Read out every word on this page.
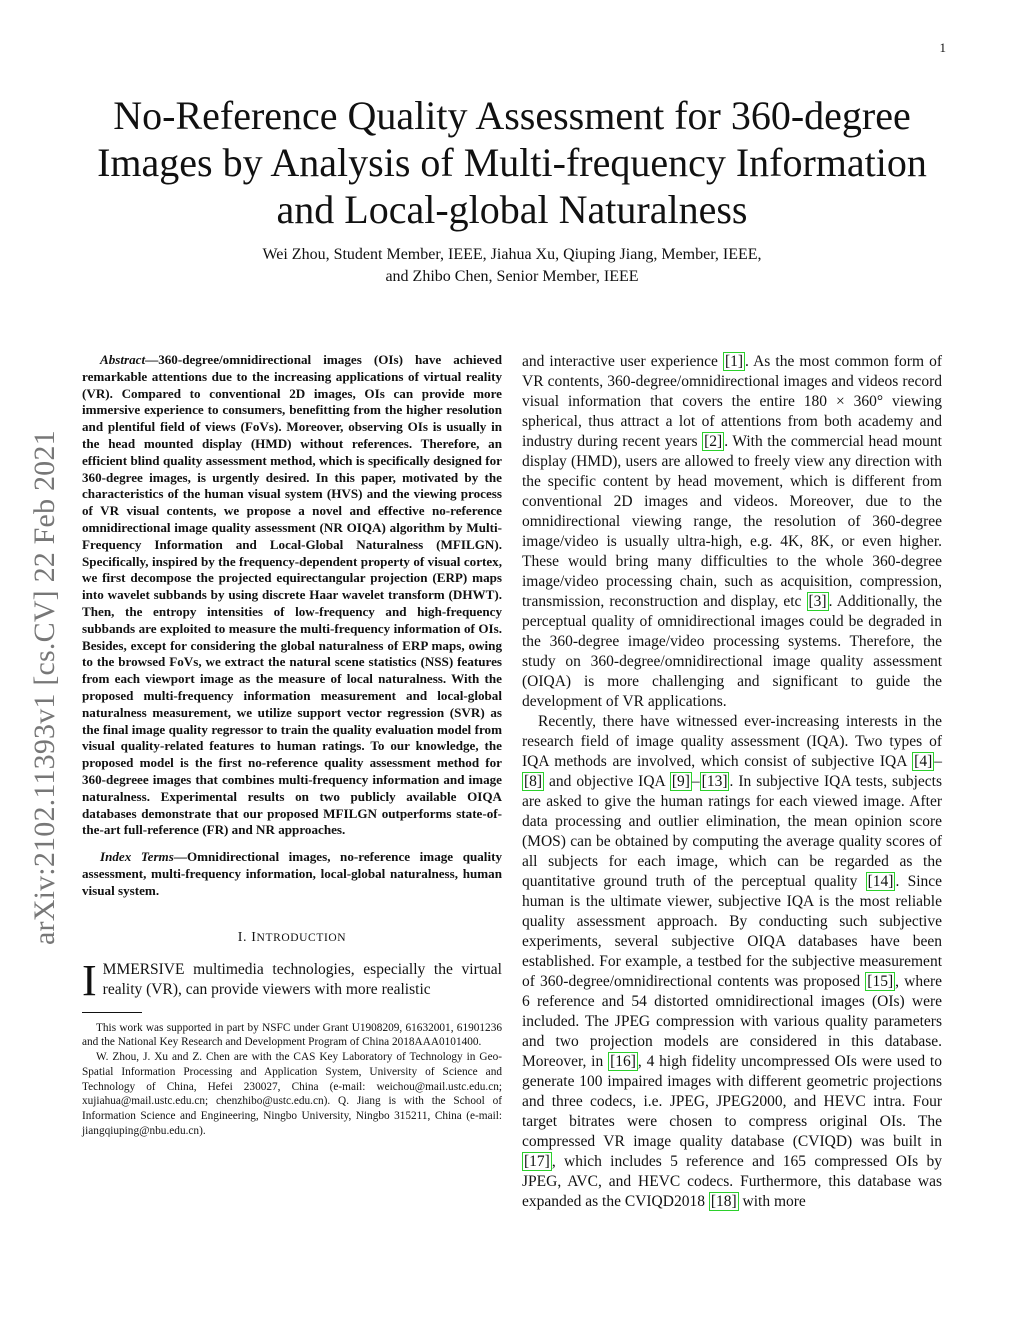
1
arXiv:2102.11393v1 [cs.CV] 22 Feb 2021
No-Reference Quality Assessment for 360-degree
Images by Analysis of Multi-frequency Information
and Local-global Naturalness
Wei Zhou, Student Member, IEEE, Jiahua Xu, Qiuping Jiang, Member, IEEE,
and Zhibo Chen, Senior Member, IEEE

Abstract—360-degree/omnidirectional images (OIs) have achieved remarkable attentions due to the increasing applications of virtual reality (VR). Compared to conventional 2D images, OIs can provide more immersive experience to consumers, benefitting from the higher resolution and plentiful field of views (FoVs). Moreover, observing OIs is usually in the head mounted display (HMD) without references. Therefore, an efficient blind quality assessment method, which is specifically designed for 360-degree images, is urgently desired. In this paper, motivated by the characteristics of the human visual system (HVS) and the viewing process of VR visual contents, we propose a novel and effective no-reference omnidirectional image quality assessment (NR OIQA) algorithm by Multi-Frequency Information and Local-Global Naturalness (MFILGN). Specifically, inspired by the frequency-dependent property of visual cortex, we first decompose the projected equirectangular projection (ERP) maps into wavelet subbands by using discrete Haar wavelet transform (DHWT). Then, the entropy intensities of low-frequency and high-frequency subbands are exploited to measure the multi-frequency information of OIs. Besides, except for considering the global naturalness of ERP maps, owing to the browsed FoVs, we extract the natural scene statistics (NSS) features from each viewport image as the measure of local naturalness. With the proposed multi-frequency information measurement and local-global naturalness measurement, we utilize support vector regression (SVR) as the final image quality regressor to train the quality evaluation model from visual quality-related features to human ratings. To our knowledge, the proposed model is the first no-reference quality assessment method for 360-degreee images that combines multi-frequency information and image naturalness. Experimental results on two publicly available OIQA databases demonstrate that our proposed MFILGN outperforms state-of-the-art full-reference (FR) and NR approaches.

Index Terms—Omnidirectional images, no-reference image quality assessment, multi-frequency information, local-global naturalness, human visual system.

I. INTRODUCTION

IMMERSIVE multimedia technologies, especially the virtual reality (VR), can provide viewers with more realistic

This work was supported in part by NSFC under Grant U1908209, 61632001, 61901236 and the National Key Research and Development Program of China 2018AAA0101400.

W. Zhou, J. Xu and Z. Chen are with the CAS Key Laboratory of Technology in Geo-Spatial Information Processing and Application System, University of Science and Technology of China, Hefei 230027, China (e-mail: weichou@mail.ustc.edu.cn; xujiahua@mail.ustc.edu.cn; chenzhibo@ustc.edu.cn). Q. Jiang is with the School of Information Science and Engineering, Ningbo University, Ningbo 315211, China (e-mail: jiangqiuping@nbu.edu.cn).

and interactive user experience [1] . As the most common form of VR contents, 360-degree/omnidirectional images and videos record visual information that covers the entire 180 × 360° viewing spherical, thus attract a lot of attentions from both academy and industry during recent years [2] . With the commercial head mount display (HMD), users are allowed to freely view any direction with the specific content by head movement, which is different from conventional 2D images and videos. Moreover, due to the omnidirectional viewing range, the resolution of 360-degree image/video is usually ultra-high, e.g. 4K, 8K, or even higher. These would bring many difficulties to the whole 360-degree image/video processing chain, such as acquisition, compression, transmission, reconstruction and display, etc [3] . Additionally, the perceptual quality of omnidirectional images could be degraded in the 360-degree image/video processing systems. Therefore, the study on 360-degree/omnidirectional image quality assessment (OIQA) is more challenging and significant to guide the development of VR applications.

Recently, there have witnessed ever-increasing interests in the research field of image quality assessment (IQA). Two types of IQA methods are involved, which consist of subjective IQA [4] –[8] and objective IQA [9] – [13] . In subjective IQA tests, subjects are asked to give the human ratings for each viewed image. After data processing and outlier elimination, the mean opinion score (MOS) can be obtained by computing the average quality scores of all subjects for each image, which can be regarded as the quantitative ground truth of the perceptual quality [14] . Since human is the ultimate viewer, subjective IQA is the most reliable quality assessment approach. By conducting such subjective experiments, several subjective OIQA databases have been established. For example, a testbed for the subjective measurement of 360-degree/omnidirectional contents was proposed [15] , where 6 reference and 54 distorted omnidirectional images (OIs) were included. The JPEG compression with various quality parameters and two projection models are considered in this database. Moreover, in [16] , 4 high fidelity uncompressed OIs were used to generate 100 impaired images with different geometric projections and three codecs, i.e. JPEG, JPEG2000, and HEVC intra. Four target bitrates were chosen to compress original OIs. The compressed VR image quality database (CVIQD) was built in [17] , which includes 5 reference and 165 compressed OIs by JPEG, AVC, and HEVC codecs. Furthermore, this database was expanded as the CVIQD2018 [18] with more
